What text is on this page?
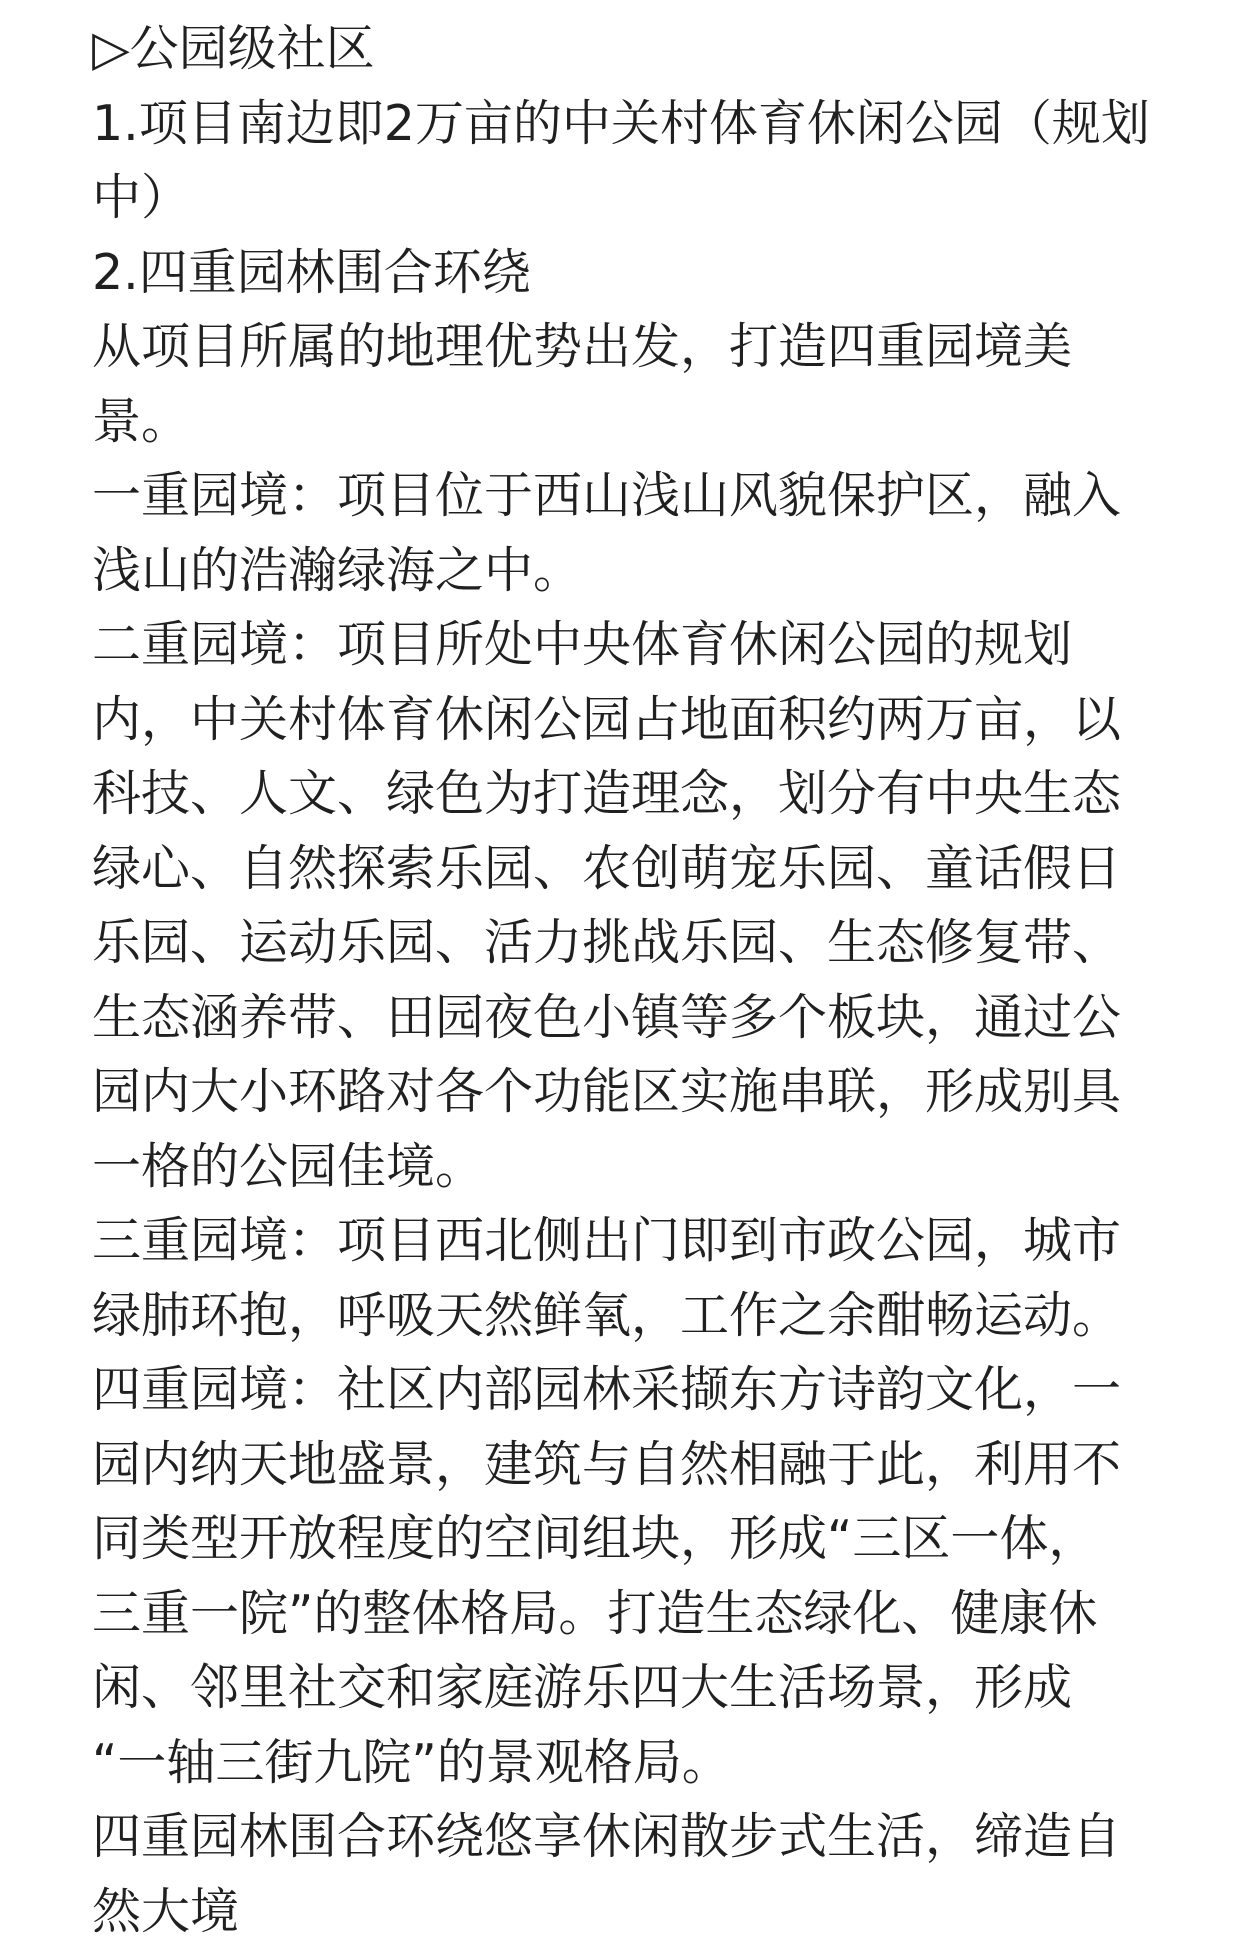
▷公园级社区
1.项目南边即2万亩的中关村体育休闲公园（规划
中）
2.四重园林围合环绕
从项目所属的地理优势出发，打造四重园境美
景。
一重园境：项目位于西山浅山风貌保护区，融入
浅山的浩瀚绿海之中。
二重园境：项目所处中央体育休闲公园的规划
内，中关村体育休闲公园占地面积约两万亩，以
科技、人文、绿色为打造理念，划分有中央生态
绿心、自然探索乐园、农创萌宠乐园、童话假日
乐园、运动乐园、活力挑战乐园、生态修复带、
生态涵养带、田园夜色小镇等多个板块，通过公
园内大小环路对各个功能区实施串联，形成别具
一格的公园佳境。
三重园境：项目西北侧出门即到市政公园，城市
绿肺环抱，呼吸天然鲜氧，工作之余酣畅运动。
四重园境：社区内部园林采撷东方诗韵文化，一
园内纳天地盛景，建筑与自然相融于此，利用不
同类型开放程度的空间组块，形成“三区一体，
三重一院”的整体格局。打造生态绿化、健康休
闲、邻里社交和家庭游乐四大生活场景，形成
“一轴三街九院”的景观格局。
四重园林围合环绕悠享休闲散步式生活，缔造自
然大境
